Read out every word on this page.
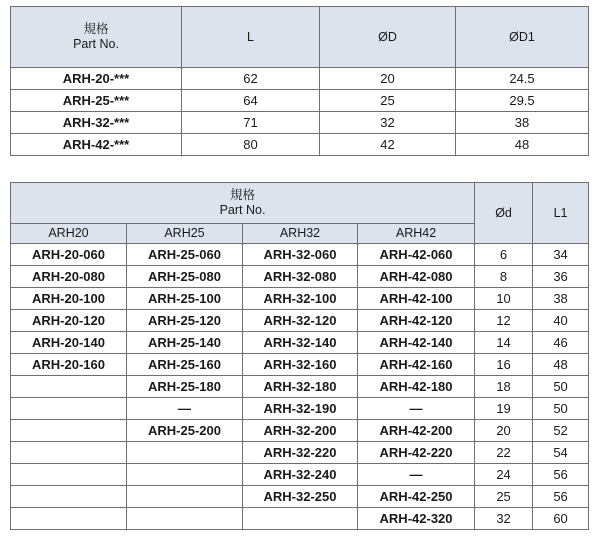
規格
Part No.	L	ØD	ØD1
ARH-20-***	62	20	24.5
ARH-25-***	64	25	29.5
ARH-32-***	71	32	38
ARH-42-***	80	42	48
規格
Part No.				Ød	L1
ARH20	ARH25	ARH32	ARH42		
ARH-20-060	ARH-25-060	ARH-32-060	ARH-42-060	6	34
ARH-20-080	ARH-25-080	ARH-32-080	ARH-42-080	8	36
ARH-20-100	ARH-25-100	ARH-32-100	ARH-42-100	10	38
ARH-20-120	ARH-25-120	ARH-32-120	ARH-42-120	12	40
ARH-20-140	ARH-25-140	ARH-32-140	ARH-42-140	14	46
ARH-20-160	ARH-25-160	ARH-32-160	ARH-42-160	16	48
	ARH-25-180	ARH-32-180	ARH-42-180	18	50
	—	ARH-32-190	—	19	50
	ARH-25-200	ARH-32-200	ARH-42-200	20	52
		ARH-32-220	ARH-42-220	22	54
		ARH-32-240	—	24	56
		ARH-32-250	ARH-42-250	25	56
			ARH-42-320	32	60
